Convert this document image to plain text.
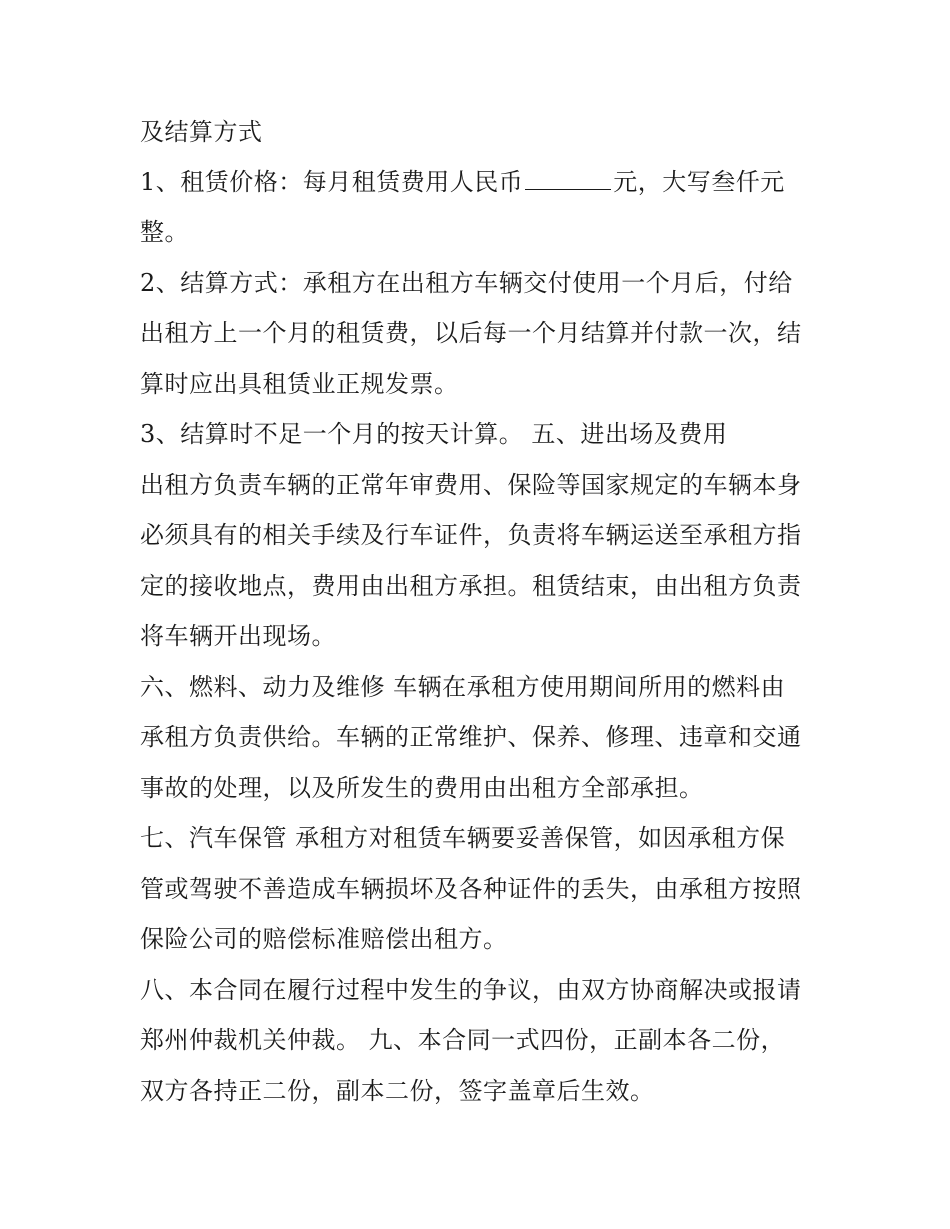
及结算方式
1、租赁价格：每月租赁费用人民币	元，大写叁仟元
整。
2、结算方式：承租方在出租方车辆交付使用一个月后，付给
出租方上一个月的租赁费，以后每一个月结算并付款一次，结
算时应出具租赁业正规发票。
3、结算时不足一个月的按天计算。 五、进出场及费用
出租方负责车辆的正常年审费用、保险等国家规定的车辆本身
必须具有的相关手续及行车证件，负责将车辆运送至承租方指
定的接收地点，费用由出租方承担。租赁结束，由出租方负责
将车辆开出现场。
六、燃料、动力及维修 车辆在承租方使用期间所用的燃料由
承租方负责供给。车辆的正常维护、保养、修理、违章和交通
事故的处理，以及所发生的费用由出租方全部承担。
七、汽车保管 承租方对租赁车辆要妥善保管，如因承租方保
管或驾驶不善造成车辆损坏及各种证件的丢失，由承租方按照
保险公司的赔偿标准赔偿出租方。
八、本合同在履行过程中发生的争议，由双方协商解决或报请
郑州仲裁机关仲裁。 九、本合同一式四份，正副本各二份，
双方各持正二份，副本二份，签字盖章后生效。
